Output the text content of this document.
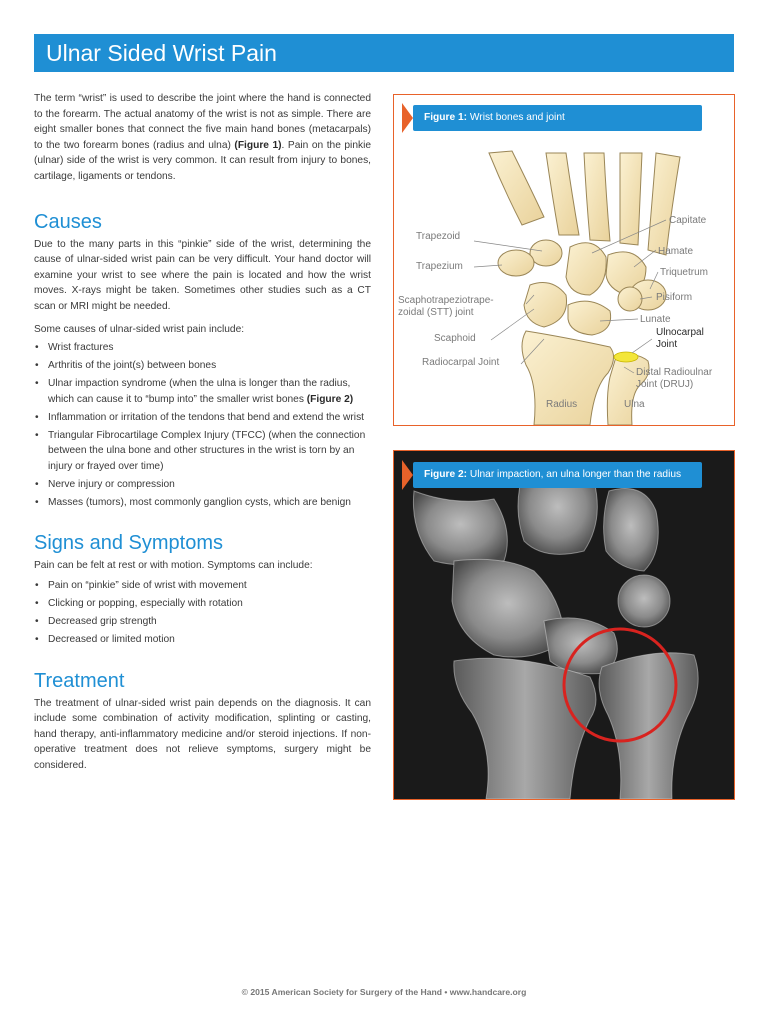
Ulnar Sided Wrist Pain

The term “wrist” is used to describe the joint where the hand is connected to the forearm. The actual anatomy of the wrist is not as simple. There are eight smaller bones that connect the five main hand bones (metacarpals) to the two forearm bones (radius and ulna) (Figure 1). Pain on the pinkie (ulnar) side of the wrist is very common. It can result from injury to bones, cartilage, ligaments or tendons.

Causes

Due to the many parts in this “pinkie” side of the wrist, determining the cause of ulnar-sided wrist pain can be very difficult. Your hand doctor will examine your wrist to see where the pain is located and how the wrist moves. X-rays might be taken. Sometimes other studies such as a CT scan or MRI might be needed.

Some causes of ulnar-sided wrist pain include:

• Wrist fractures
• Arthritis of the joint(s) between bones
• Ulnar impaction syndrome (when the ulna is longer than the radius, which can cause it to “bump into” the smaller wrist bones (Figure 2)
• Inflammation or irritation of the tendons that bend and extend the wrist
• Triangular Fibrocartilage Complex Injury (TFCC) (when the connection between the ulna bone and other structures in the wrist is torn by an injury or frayed over time)
• Nerve injury or compression
• Masses (tumors), most commonly ganglion cysts, which are benign
Signs and Symptoms

Pain can be felt at rest or with motion. Symptoms can include:

• Pain on “pinkie” side of wrist with movement
• Clicking or popping, especially with rotation
• Decreased grip strength
• Decreased or limited motion
Treatment

The treatment of ulnar-sided wrist pain depends on the diagnosis. It can include some combination of activity modification, splinting or casting, hand therapy, anti-inflammatory medicine and/or steroid injections. If non-operative treatment does not relieve symptoms, surgery might be considered.

Figure 1: Wrist bones and joint
Trapezoid
Trapezium
Scaphotrapeziotrape-
zoidal (STT) joint
Scaphoid
Radiocarpal Joint
Capitate
Hamate
Triquetrum
Pisiform
Lunate
Ulnocarpal
Joint
Distal Radioulnar
Joint (DRUJ)
Radius	Ulna
Figure 2: Ulnar impaction, an ulna longer than the radius
© 2015 American Society for Surgery of the Hand • www.handcare.org
